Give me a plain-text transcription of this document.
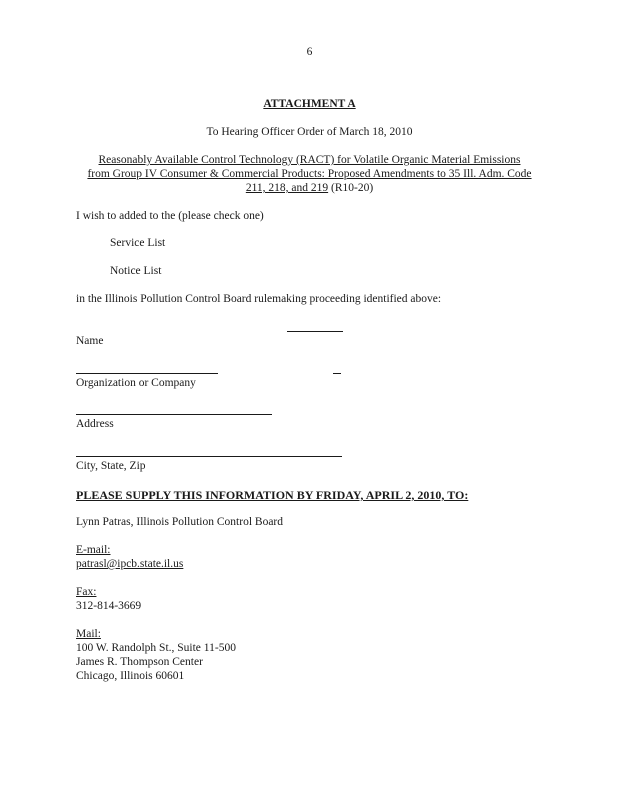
6
ATTACHMENT A
To Hearing Officer Order of March 18, 2010
Reasonably Available Control Technology (RACT) for Volatile Organic Material Emissions
from Group IV Consumer & Commercial Products: Proposed Amendments to 35 Ill. Adm. Code
211, 218, and 219 (R10-20)
I wish to added to the (please check one)
Service List
Notice List
in the Illinois Pollution Control Board rulemaking proceeding identified above:
Name
Organization or Company
Address
City, State, Zip
PLEASE SUPPLY THIS INFORMATION BY FRIDAY, APRIL 2, 2010, TO:
Lynn Patras, Illinois Pollution Control Board
E-mail:
patrasl@ipcb.state.il.us
Fax:
312-814-3669
Mail:
100 W. Randolph St., Suite 11-500
James R. Thompson Center
Chicago, Illinois 60601
